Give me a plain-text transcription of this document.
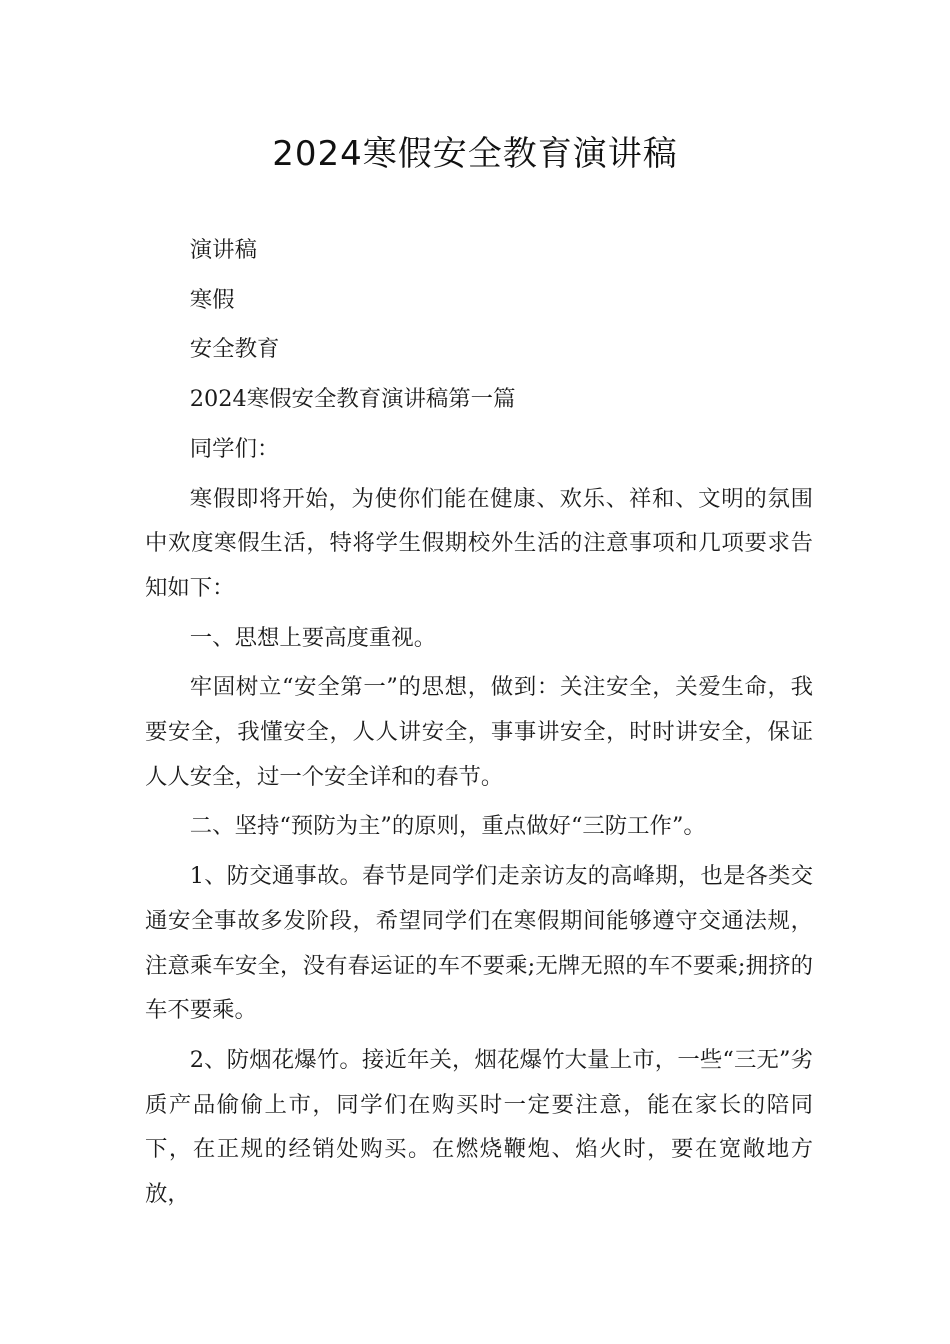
2024寒假安全教育演讲稿

演讲稿

寒假

安全教育

2024寒假安全教育演讲稿第一篇

同学们：

寒假即将开始，为使你们能在健康、欢乐、祥和、文明的氛围中欢度寒假生活，特将学生假期校外生活的注意事项和几项要求告知如下：

一、思想上要高度重视。

牢固树立“安全第一”的思想，做到：关注安全，关爱生命，我要安全，我懂安全，人人讲安全，事事讲安全，时时讲安全，保证人人安全，过一个安全详和的春节。

二、坚持“预防为主”的原则，重点做好“三防工作”。

1、防交通事故。春节是同学们走亲访友的高峰期，也是各类交通安全事故多发阶段，希望同学们在寒假期间能够遵守交通法规，注意乘车安全，没有春运证的车不要乘;无牌无照的车不要乘;拥挤的车不要乘。

2、防烟花爆竹。接近年关，烟花爆竹大量上市，一些“三无”劣质产品偷偷上市，同学们在购买时一定要注意，能在家长的陪同下，在正规的经销处购买。在燃烧鞭炮、焰火时，要在宽敞地方放，
